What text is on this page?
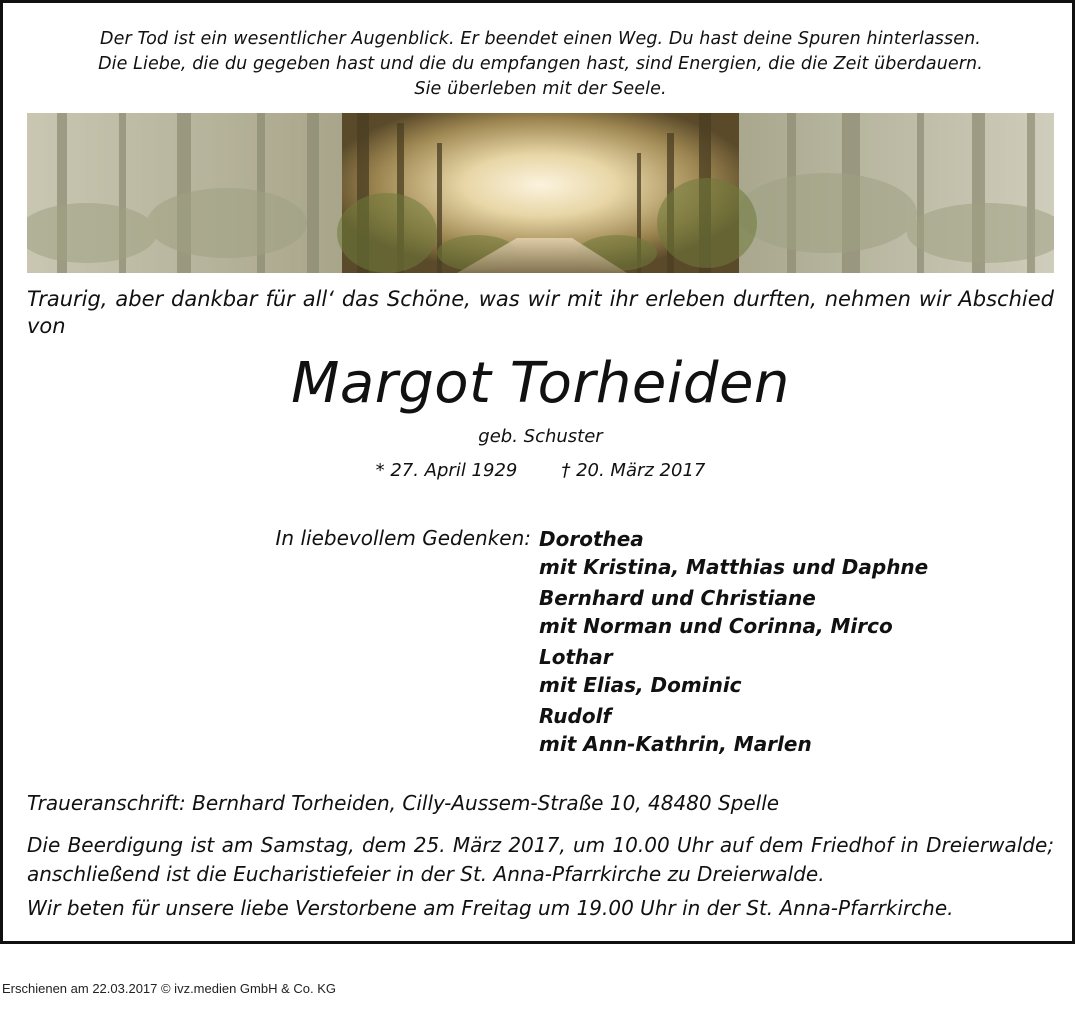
Der Tod ist ein wesentlicher Augenblick. Er beendet einen Weg. Du hast deine Spuren hinterlassen.
Die Liebe, die du gegeben hast und die du empfangen hast, sind Energien, die die Zeit überdauern.
Sie überleben mit der Seele.
Traurig, aber dankbar für all‘ das Schöne, was wir mit ihr erleben durften, nehmen wir Abschied von
Margot Torheiden
geb. Schuster
* 27. April 1929 † 20. März 2017
In liebevollem Gedenken: Dorothea
mit Kristina, Matthias und Daphne
Bernhard und Christiane
mit Norman und Corinna, Mirco
Lothar
mit Elias, Dominic
Rudolf
mit Ann-Kathrin, Marlen
Traueranschrift: Bernhard Torheiden, Cilly-Aussem-Straße 10, 48480 Spelle
Die Beerdigung ist am Samstag, dem 25. März 2017, um 10.00 Uhr auf dem Friedhof in Dreierwalde; anschließend ist die Eucharistiefeier in der St. Anna-Pfarrkirche zu Dreierwalde.
Wir beten für unsere liebe Verstorbene am Freitag um 19.00 Uhr in der St. Anna-Pfarrkirche.
Erschienen am 22.03.2017 © ivz.medien GmbH & Co. KG
